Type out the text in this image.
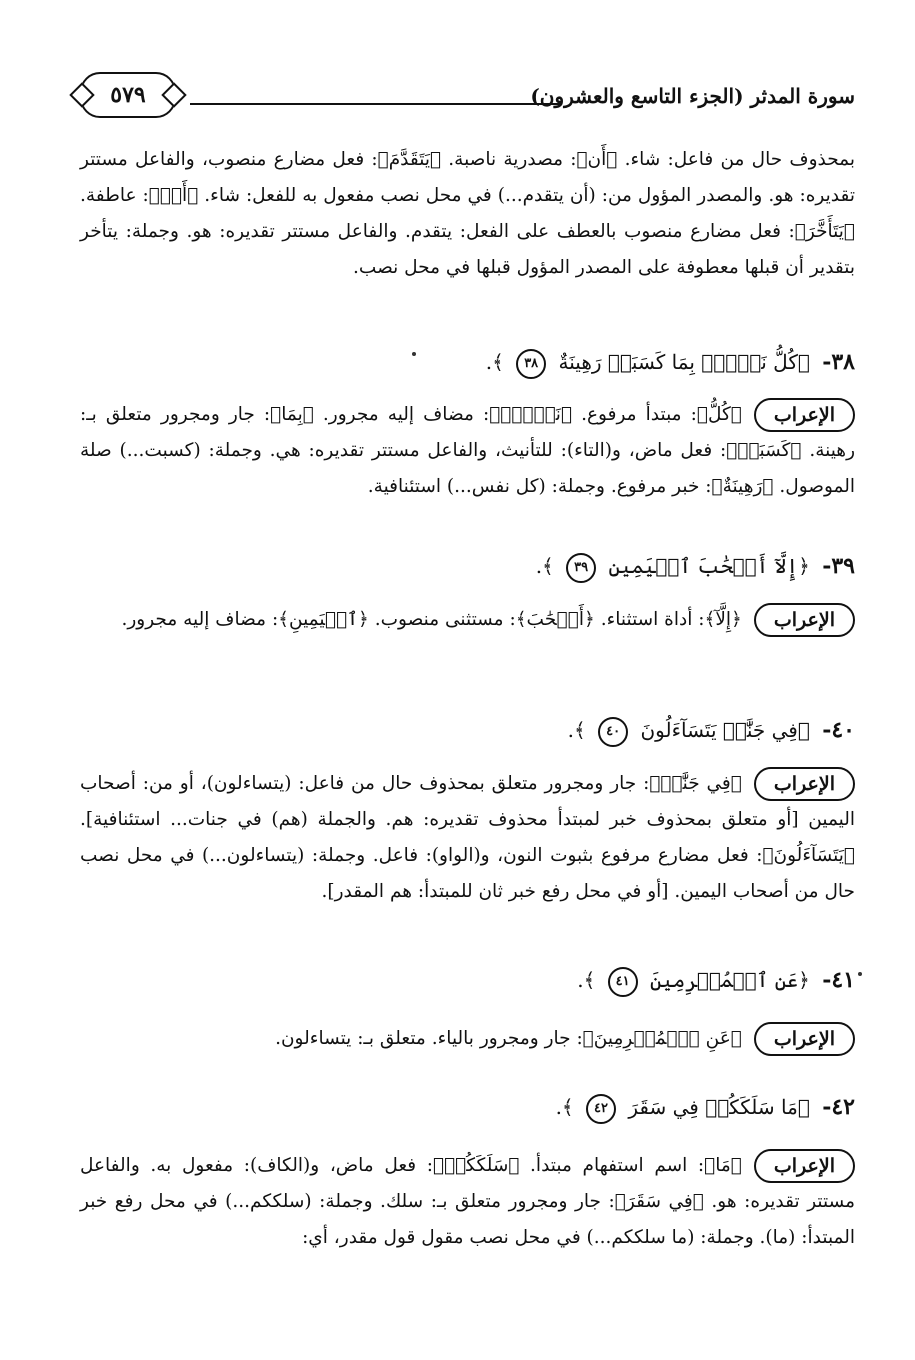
سورة المدثر (الجزء التاسع والعشرون)
٥٧٩
بمحذوف حال من فاعل: شاء. ﴿أَن﴾: مصدرية ناصبة. ﴿يَتَقَدَّمَ﴾: فعل مضارع منصوب، والفاعل مستتر تقديره: هو. والمصدر المؤول من: (أن يتقدم...) في محل نصب مفعول به للفعل: شاء. ﴿أَوۡ﴾: عاطفة. ﴿يَتَأَخَّرَ﴾: فعل مضارع منصوب بالعطف على الفعل: يتقدم. والفاعل مستتر تقديره: هو. وجملة: يتأخر بتقدير أن قبلها معطوفة على المصدر المؤول قبلها في محل نصب.
٣٨- ﴿كُلُّ نَفۡسِۭ بِمَا كَسَبَتۡ رَهِينَةٌ ٣٨ ﴾.
الإعراب
﴿كُلُّ﴾: مبتدأ مرفوع. ﴿نَفۡسِۭ﴾: مضاف إليه مجرور. ﴿بِمَا﴾: جار ومجرور متعلق بـ: رهينة. ﴿كَسَبَتۡ﴾: فعل ماض، و(التاء): للتأنيث، والفاعل مستتر تقديره: هي. وجملة: (كسبت...) صلة الموصول. ﴿رَهِينَةٌ﴾: خبر مرفوع. وجملة: (كل نفس...) استئنافية.
٣٩- ﴿إِلَّآ أَصۡحَٰبَ ٱلۡيَمِينِ ٣٩ ﴾.
الإعراب
﴿إِلَّآ﴾: أداة استثناء. ﴿أَصۡحَٰبَ﴾: مستثنى منصوب. ﴿ٱلۡيَمِينِ﴾: مضاف إليه مجرور.
٤٠- ﴿فِي جَنَّٰتٖ يَتَسَآءَلُونَ ٤٠ ﴾.
الإعراب
﴿فِي جَنَّٰتٖ﴾: جار ومجرور متعلق بمحذوف حال من فاعل: (يتساءلون)، أو من: أصحاب اليمين [أو متعلق بمحذوف خبر لمبتدأ محذوف تقديره: هم. والجملة (هم) في جنات... استئنافية]. ﴿يَتَسَآءَلُونَ﴾: فعل مضارع مرفوع بثبوت النون، و(الواو): فاعل. وجملة: (يتساءلون...) في محل نصب حال من أصحاب اليمين. [أو في محل رفع خبر ثان للمبتدأ: هم المقدر].
٤١- ﴿عَنِ ٱلۡمُجۡرِمِينَ ٤١ ﴾.
الإعراب
﴿عَنِ ٱلۡمُجۡرِمِينَ﴾: جار ومجرور بالياء. متعلق بـ: يتساءلون.
٤٢- ﴿مَا سَلَكَكُمۡ فِي سَقَرَ ٤٢ ﴾.
الإعراب
﴿مَا﴾: اسم استفهام مبتدأ. ﴿سَلَكَكُمۡ﴾: فعل ماض، و(الكاف): مفعول به. والفاعل مستتر تقديره: هو. ﴿فِي سَقَرَ﴾: جار ومجرور متعلق بـ: سلك. وجملة: (سلككم...) في محل رفع خبر المبتدأ: (ما). وجملة: (ما سلككم...) في محل نصب مقول قول مقدر، أي:
